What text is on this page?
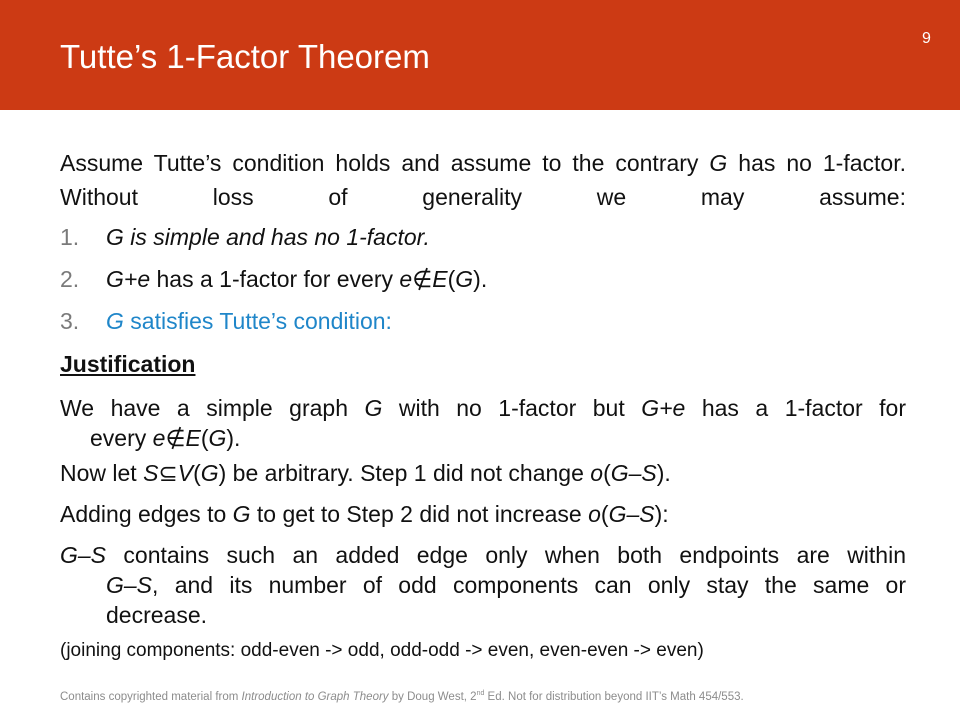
Tutte’s 1-Factor Theorem	9
Assume Tutte’s condition holds and assume to the contrary G has no 1-factor. Without loss of generality we may assume:
1. G is simple and has no 1-factor.
2. G+e has a 1-factor for every e∉E(G).
3. G satisfies Tutte’s condition:
Justification
We have a simple graph G with no 1-factor but G+e has a 1-factor for
every e∉E(G).
Now let S⊆V(G) be arbitrary. Step 1 did not change o(G–S).
Adding edges to G to get to Step 2 did not increase o(G–S):
G–S contains such an added edge only when both endpoints are within
G–S, and its number of odd components can only stay the same or
decrease.
(joining components: odd-even -> odd, odd-odd -> even, even-even -> even)
Contains copyrighted material from Introduction to Graph Theory by Doug West, 2nd Ed. Not for distribution beyond IIT’s Math 454/553.
